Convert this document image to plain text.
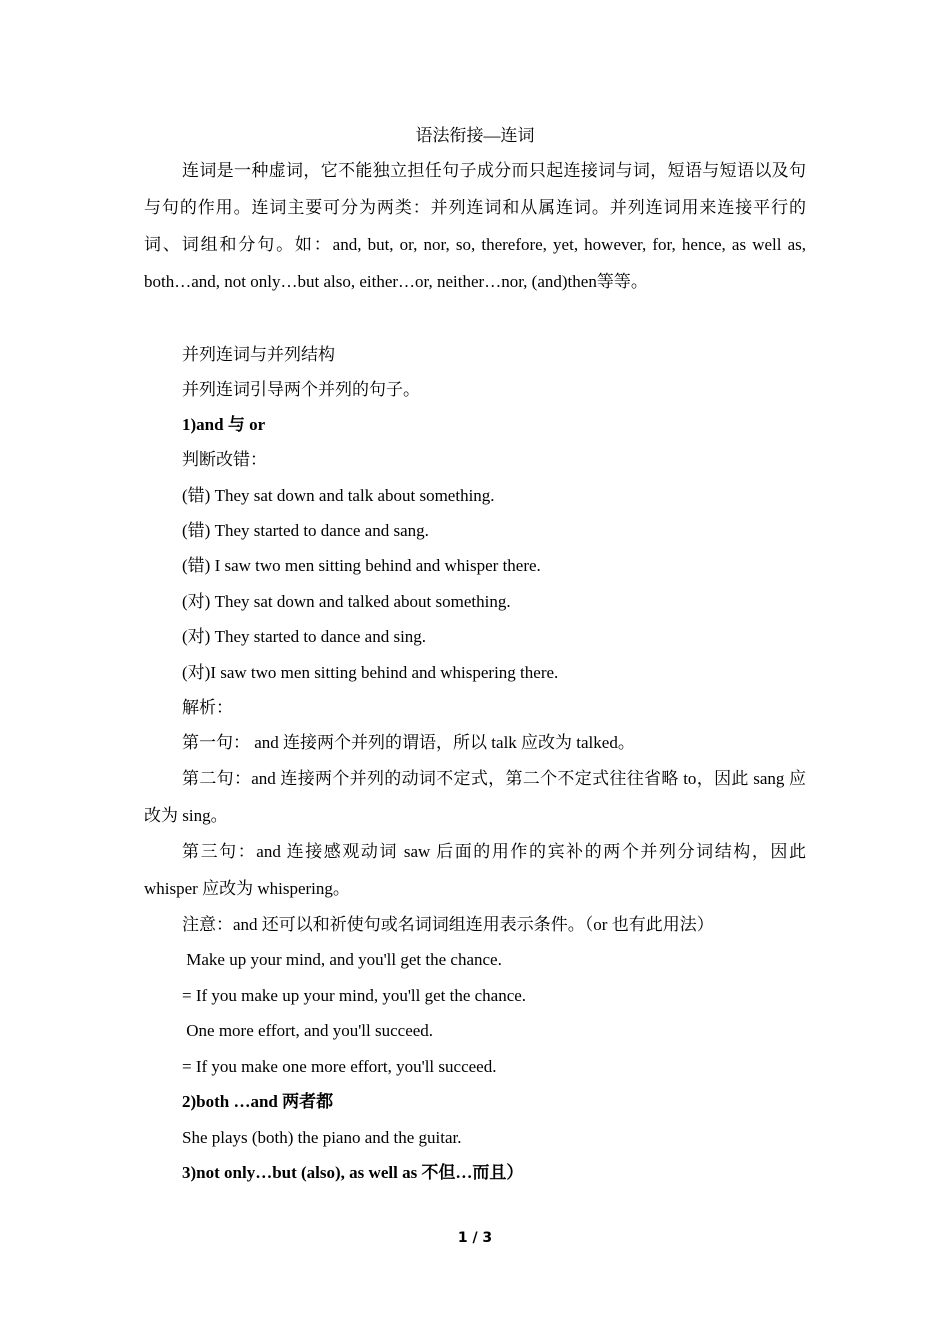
语法衔接—连词

连词是一种虚词，它不能独立担任句子成分而只起连接词与词，短语与短语以及句与句的作用。连词主要可分为两类：并列连词和从属连词。并列连词用来连接平行的词、词组和分句。如：and, but, or, nor, so, therefore, yet, however, for, hence, as well as, both…and, not only…but also, either…or, neither…nor, (and)then等等。

并列连词与并列结构

并列连词引导两个并列的句子。

1)and 与 or

判断改错：

(错) They sat down and talk about something.

(错) They started to dance and sang.

(错) I saw two men sitting behind and whisper there.

(对) They sat down and talked about something.

(对) They started to dance and sing.

(对)I saw two men sitting behind and whispering there.

解析：

第一句： and 连接两个并列的谓语，所以 talk 应改为 talked。

第二句：and 连接两个并列的动词不定式，第二个不定式往往省略 to，因此 sang 应改为 sing。

第三句：and 连接感观动词 saw 后面的用作的宾补的两个并列分词结构，因此 whisper 应改为 whispering。

注意：and 还可以和祈使句或名词词组连用表示条件。（or 也有此用法）

Make up your mind, and you'll get the chance.

= If you make up your mind, you'll get the chance.

One more effort, and you'll succeed.

= If you make one more effort, you'll succeed.

2)both …and 两者都

She plays (both) the piano and the guitar.

3)not only…but (also), as well as 不但…而且）

1 / 3
